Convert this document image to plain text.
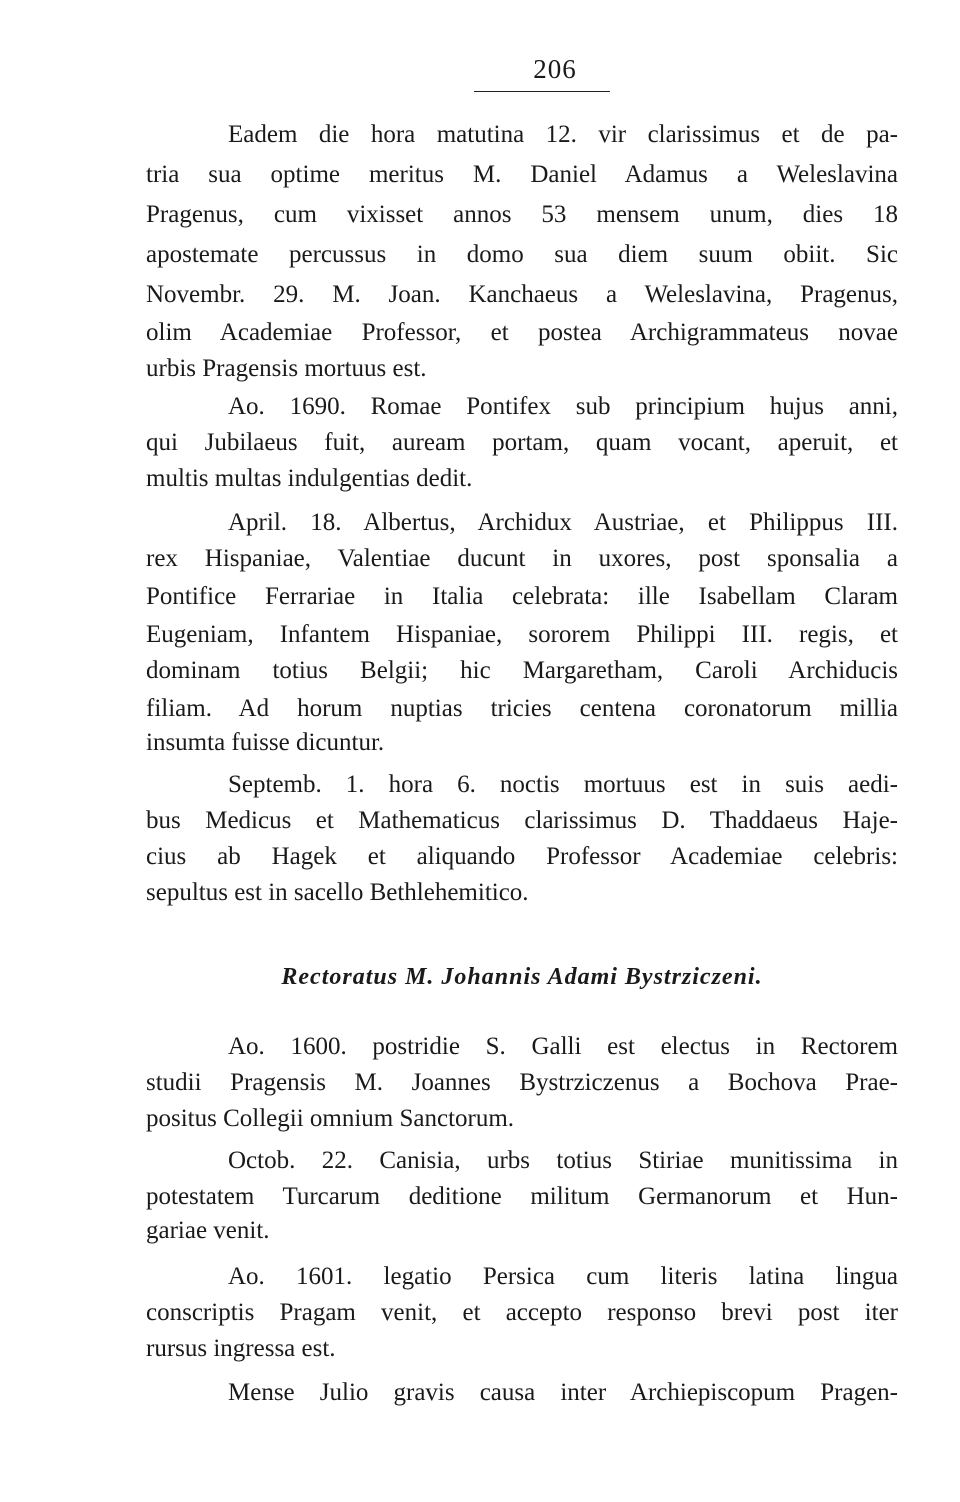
206
Eadem die hora matutina 12. vir clarissimus et de pa-
tria sua optime meritus M. Daniel Adamus a Weleslavina
Pragenus, cum vixisset annos 53 mensem unum, dies 18
apostemate percussus in domo sua diem suum obiit. Sic
Novembr. 29. M. Joan. Kanchaeus a Weleslavina, Pragenus,
olim Academiae Professor, et postea Archigrammateus novae
urbis Pragensis mortuus est.
Ao. 1690. Romae Pontifex sub principium hujus anni,
qui Jubilaeus fuit, auream portam, quam vocant, aperuit, et
multis multas indulgentias dedit.
April. 18. Albertus, Archidux Austriae, et Philippus III.
rex Hispaniae, Valentiae ducunt in uxores, post sponsalia a
Pontifice Ferrariae in Italia celebrata: ille Isabellam Claram
Eugeniam, Infantem Hispaniae, sororem Philippi III. regis, et
dominam totius Belgii; hic Margaretham, Caroli Archiducis
filiam. Ad horum nuptias tricies centena coronatorum millia
insumta fuisse dicuntur.
Septemb. 1. hora 6. noctis mortuus est in suis aedi-
bus Medicus et Mathematicus clarissimus D. Thaddaeus Haje-
cius ab Hagek et aliquando Professor Academiae celebris:
sepultus est in sacello Bethlehemitico.
Rectoratus M. Johannis Adami Bystrziczeni.
Ao. 1600. postridie S. Galli est electus in Rectorem
studii Pragensis M. Joannes Bystrziczenus a Bochova Prae-
positus Collegii omnium Sanctorum.
Octob. 22. Canisia, urbs totius Stiriae munitissima in
potestatem Turcarum deditione militum Germanorum et Hun-
gariae venit.
Ao. 1601. legatio Persica cum literis latina lingua
conscriptis Pragam venit, et accepto responso brevi post iter
rursus ingressa est.
Mense Julio gravis causa inter Archiepiscopum Pragen-
